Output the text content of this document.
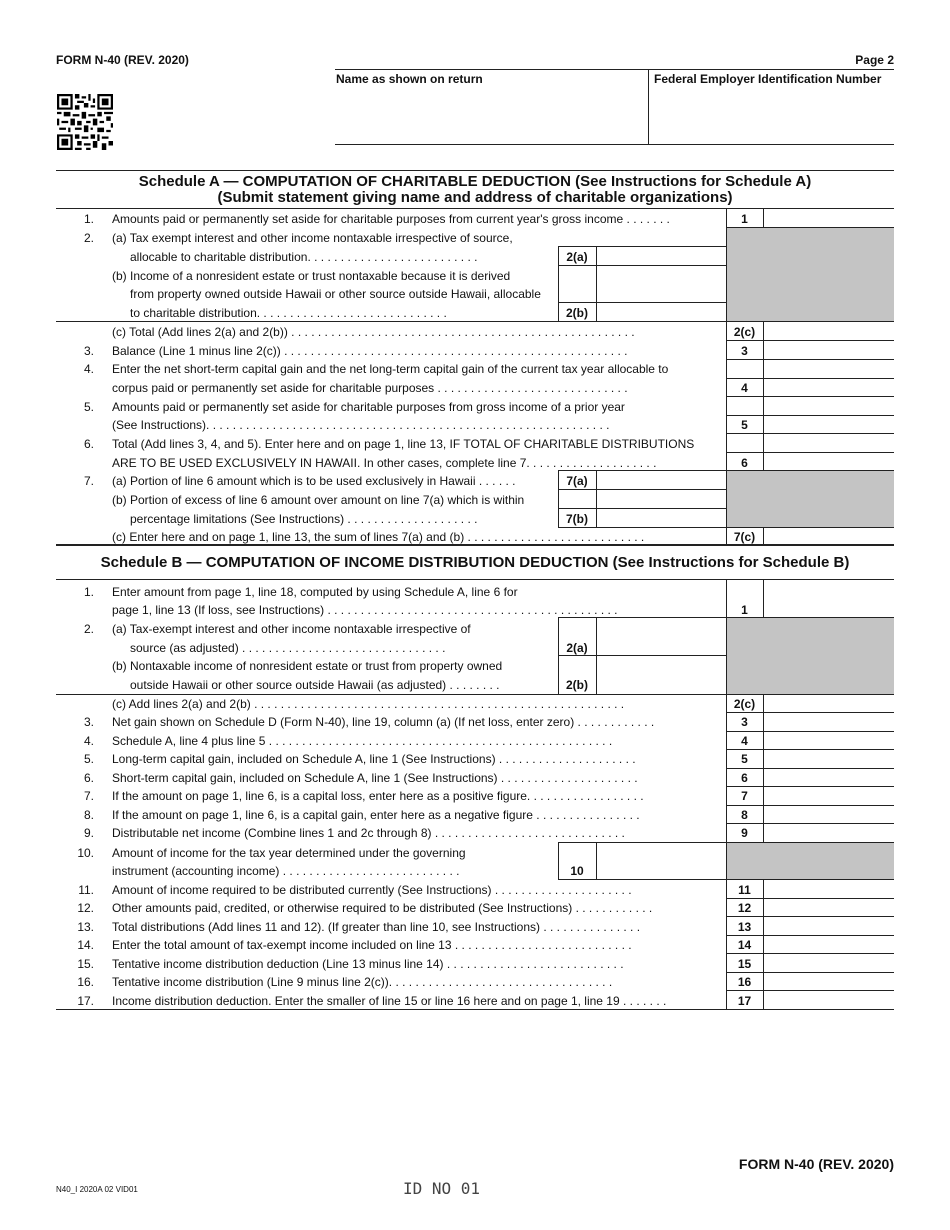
FORM N-40 (REV. 2020)	Page 2
Name as shown on return	Federal Employer Identification Number
Schedule A — COMPUTATION OF CHARITABLE DEDUCTION (See Instructions for Schedule A)
(Submit statement giving name and address of charitable organizations)
1. Amounts paid or permanently set aside for charitable purposes from current year's gross income . . . . . . .	1
2. (a) Tax exempt interest and other income nontaxable irrespective of source,
allocable to charitable distribution. . . . . . . . . . . . . . . . . . . . . . . . . .	2(a)
(b) Income of a nonresident estate or trust nontaxable because it is derived
from property owned outside Hawaii or other source outside Hawaii, allocable
to charitable distribution. . . . . . . . . . . . . . . . . . . . . . . . . . . . .	2(b)
(c) Total (Add lines 2(a) and 2(b)) . . . . . . . . . . . . . . . . . . . . . . . . . . . . . . . . . . . . . . . . . . . . . . . . . . . .	2(c)
3. Balance (Line 1 minus line 2(c)) . . . . . . . . . . . . . . . . . . . . . . . . . . . . . . . . . . . . . . . . . . . . . . . . . . . .	3
4. Enter the net short-term capital gain and the net long-term capital gain of the current tax year allocable to
corpus paid or permanently set aside for charitable purposes . . . . . . . . . . . . . . . . . . . . . . . . . . . . .	4
5. Amounts paid or permanently set aside for charitable purposes from gross income of a prior year
(See Instructions). . . . . . . . . . . . . . . . . . . . . . . . . . . . . . . . . . . . . . . . . . . . . . . . . . . . . . . . . . . . .	5
6. Total (Add lines 3, 4, and 5). Enter here and on page 1, line 13, IF TOTAL OF CHARITABLE DISTRIBUTIONS
ARE TO BE USED EXCLUSIVELY IN HAWAII. In other cases, complete line 7. . . . . . . . . . . . . . . . . . . .	6
7. (a) Portion of line 6 amount which is to be used exclusively in Hawaii . . . . . .	7(a)
(b) Portion of excess of line 6 amount over amount on line 7(a) which is within
percentage limitations (See Instructions) . . . . . . . . . . . . . . . . . . . .	7(b)
(c) Enter here and on page 1, line 13, the sum of lines 7(a) and (b) . . . . . . . . . . . . . . . . . . . . . . . . . . .	7(c)
Schedule B — COMPUTATION OF INCOME DISTRIBUTION DEDUCTION (See Instructions for Schedule B)
1. Enter amount from page 1, line 18, computed by using Schedule A, line 6 for
page 1, line 13 (If loss, see Instructions) . . . . . . . . . . . . . . . . . . . . . . . . . . . . . . . . . . . . . . . . . . . .	1
2. (a) Tax-exempt interest and other income nontaxable irrespective of
source (as adjusted) . . . . . . . . . . . . . . . . . . . . . . . . . . . . . . .	2(a)
(b) Nontaxable income of nonresident estate or trust from property owned
outside Hawaii or other source outside Hawaii (as adjusted) . . . . . . . .	2(b)
(c) Add lines 2(a) and 2(b) . . . . . . . . . . . . . . . . . . . . . . . . . . . . . . . . . . . . . . . . . . . . . . . . . . . . . . . .	2(c)
3. Net gain shown on Schedule D (Form N-40), line 19, column (a) (If net loss, enter zero) . . . . . . . . . . . .	3
4. Schedule A, line 4 plus line 5 . . . . . . . . . . . . . . . . . . . . . . . . . . . . . . . . . . . . . . . . . . . . . . . . . . . .	4
5. Long-term capital gain, included on Schedule A, line 1 (See Instructions) . . . . . . . . . . . . . . . . . . . . .	5
6. Short-term capital gain, included on Schedule A, line 1 (See Instructions) . . . . . . . . . . . . . . . . . . . . .	6
7. If the amount on page 1, line 6, is a capital loss, enter here as a positive figure. . . . . . . . . . . . . . . . . .	7
8. If the amount on page 1, line 6, is a capital gain, enter here as a negative figure . . . . . . . . . . . . . . . .	8
9. Distributable net income (Combine lines 1 and 2c through 8) . . . . . . . . . . . . . . . . . . . . . . . . . . . . .	9
10. Amount of income for the tax year determined under the governing
instrument (accounting income) . . . . . . . . . . . . . . . . . . . . . . . . . . .	10
11. Amount of income required to be distributed currently (See Instructions) . . . . . . . . . . . . . . . . . . . . .	11
12. Other amounts paid, credited, or otherwise required to be distributed (See Instructions) . . . . . . . . . . . .	12
13. Total distributions (Add lines 11 and 12). (If greater than line 10, see Instructions) . . . . . . . . . . . . . . .	13
14. Enter the total amount of tax-exempt income included on line 13 . . . . . . . . . . . . . . . . . . . . . . . . . . .	14
15. Tentative income distribution deduction (Line 13 minus line 14) . . . . . . . . . . . . . . . . . . . . . . . . . . .	15
16. Tentative income distribution (Line 9 minus line 2(c)). . . . . . . . . . . . . . . . . . . . . . . . . . . . . . . . . .	16
17. Income distribution deduction. Enter the smaller of line 15 or line 16 here and on page 1, line 19 . . . . . . .	17
FORM N-40 (REV. 2020)
N40_I 2020A 02 VID01	ID NO 01
